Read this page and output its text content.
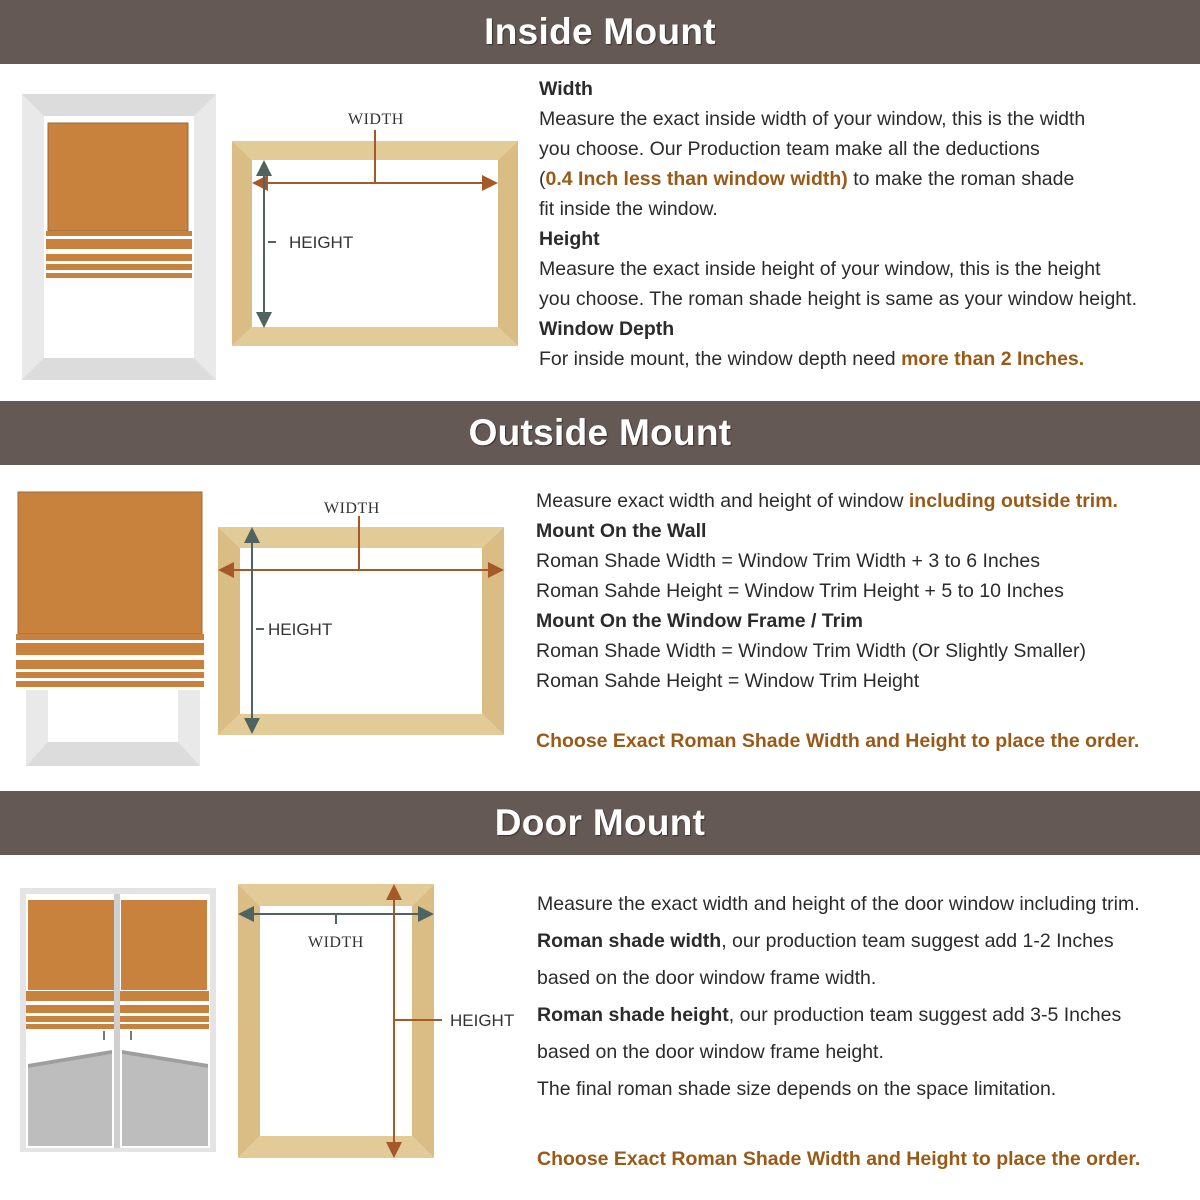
Inside Mount
WIDTH
HEIGHT
Width
Measure the exact inside width of your window, this is the width
you choose. Our Production team make all the deductions
(0.4 Inch less than window width) to make the roman shade
fit inside the window.
Height
Measure the exact inside height of your window, this is the height
you choose. The roman shade height is same as your window height.
Window Depth
For inside mount, the window depth need more than 2 Inches.
Outside Mount
WIDTH
HEIGHT
Measure exact width and height of window including outside trim.
Mount On the Wall
Roman Shade Width = Window Trim Width + 3 to 6 Inches
Roman Sahde Height = Window Trim Height + 5 to 10 Inches
Mount On the Window Frame / Trim
Roman Shade Width = Window Trim Width (Or Slightly Smaller)
Roman Sahde Height = Window Trim Height

Choose Exact Roman Shade Width and Height to place the order.
Door Mount
WIDTH
HEIGHT
Measure the exact width and height of the door window including trim.
Roman shade width, our production team suggest add 1-2 Inches
based on the door window frame width.
Roman shade height, our production team suggest add 3-5 Inches
based on the door window frame height.
The final roman shade size depends on the space limitation.
Choose Exact Roman Shade Width and Height to place the order.
